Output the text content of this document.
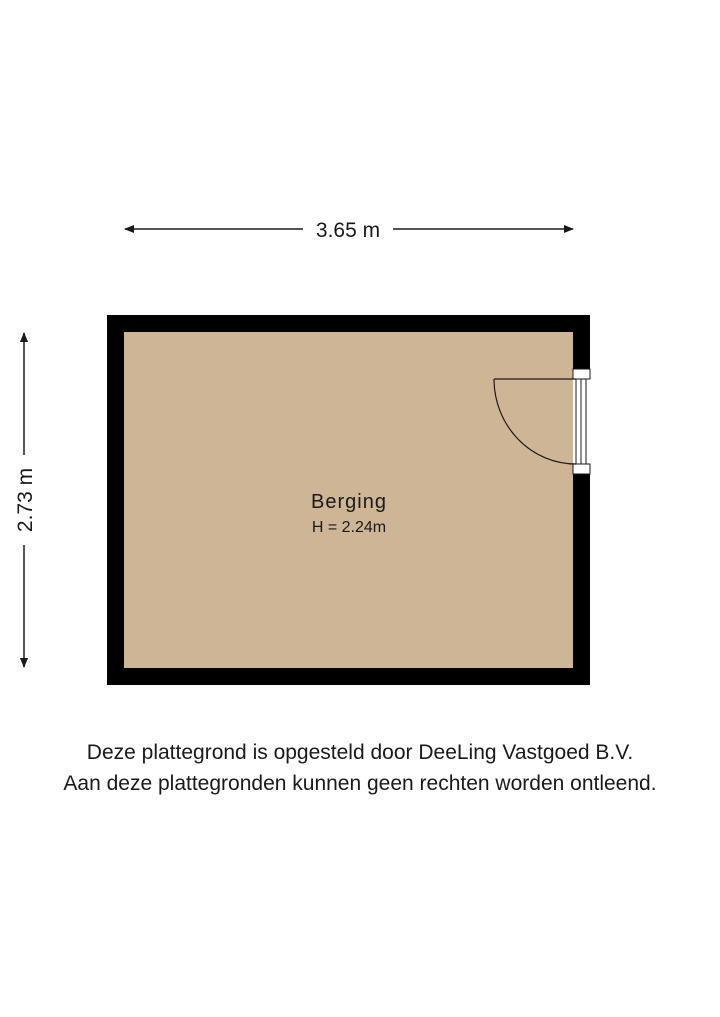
3.65 m
2.73 m	Berging
H = 2.24m

Deze plattegrond is opgesteld door DeeLing Vastgoed B.V.

Aan deze plattegronden kunnen geen rechten worden ontleend.
